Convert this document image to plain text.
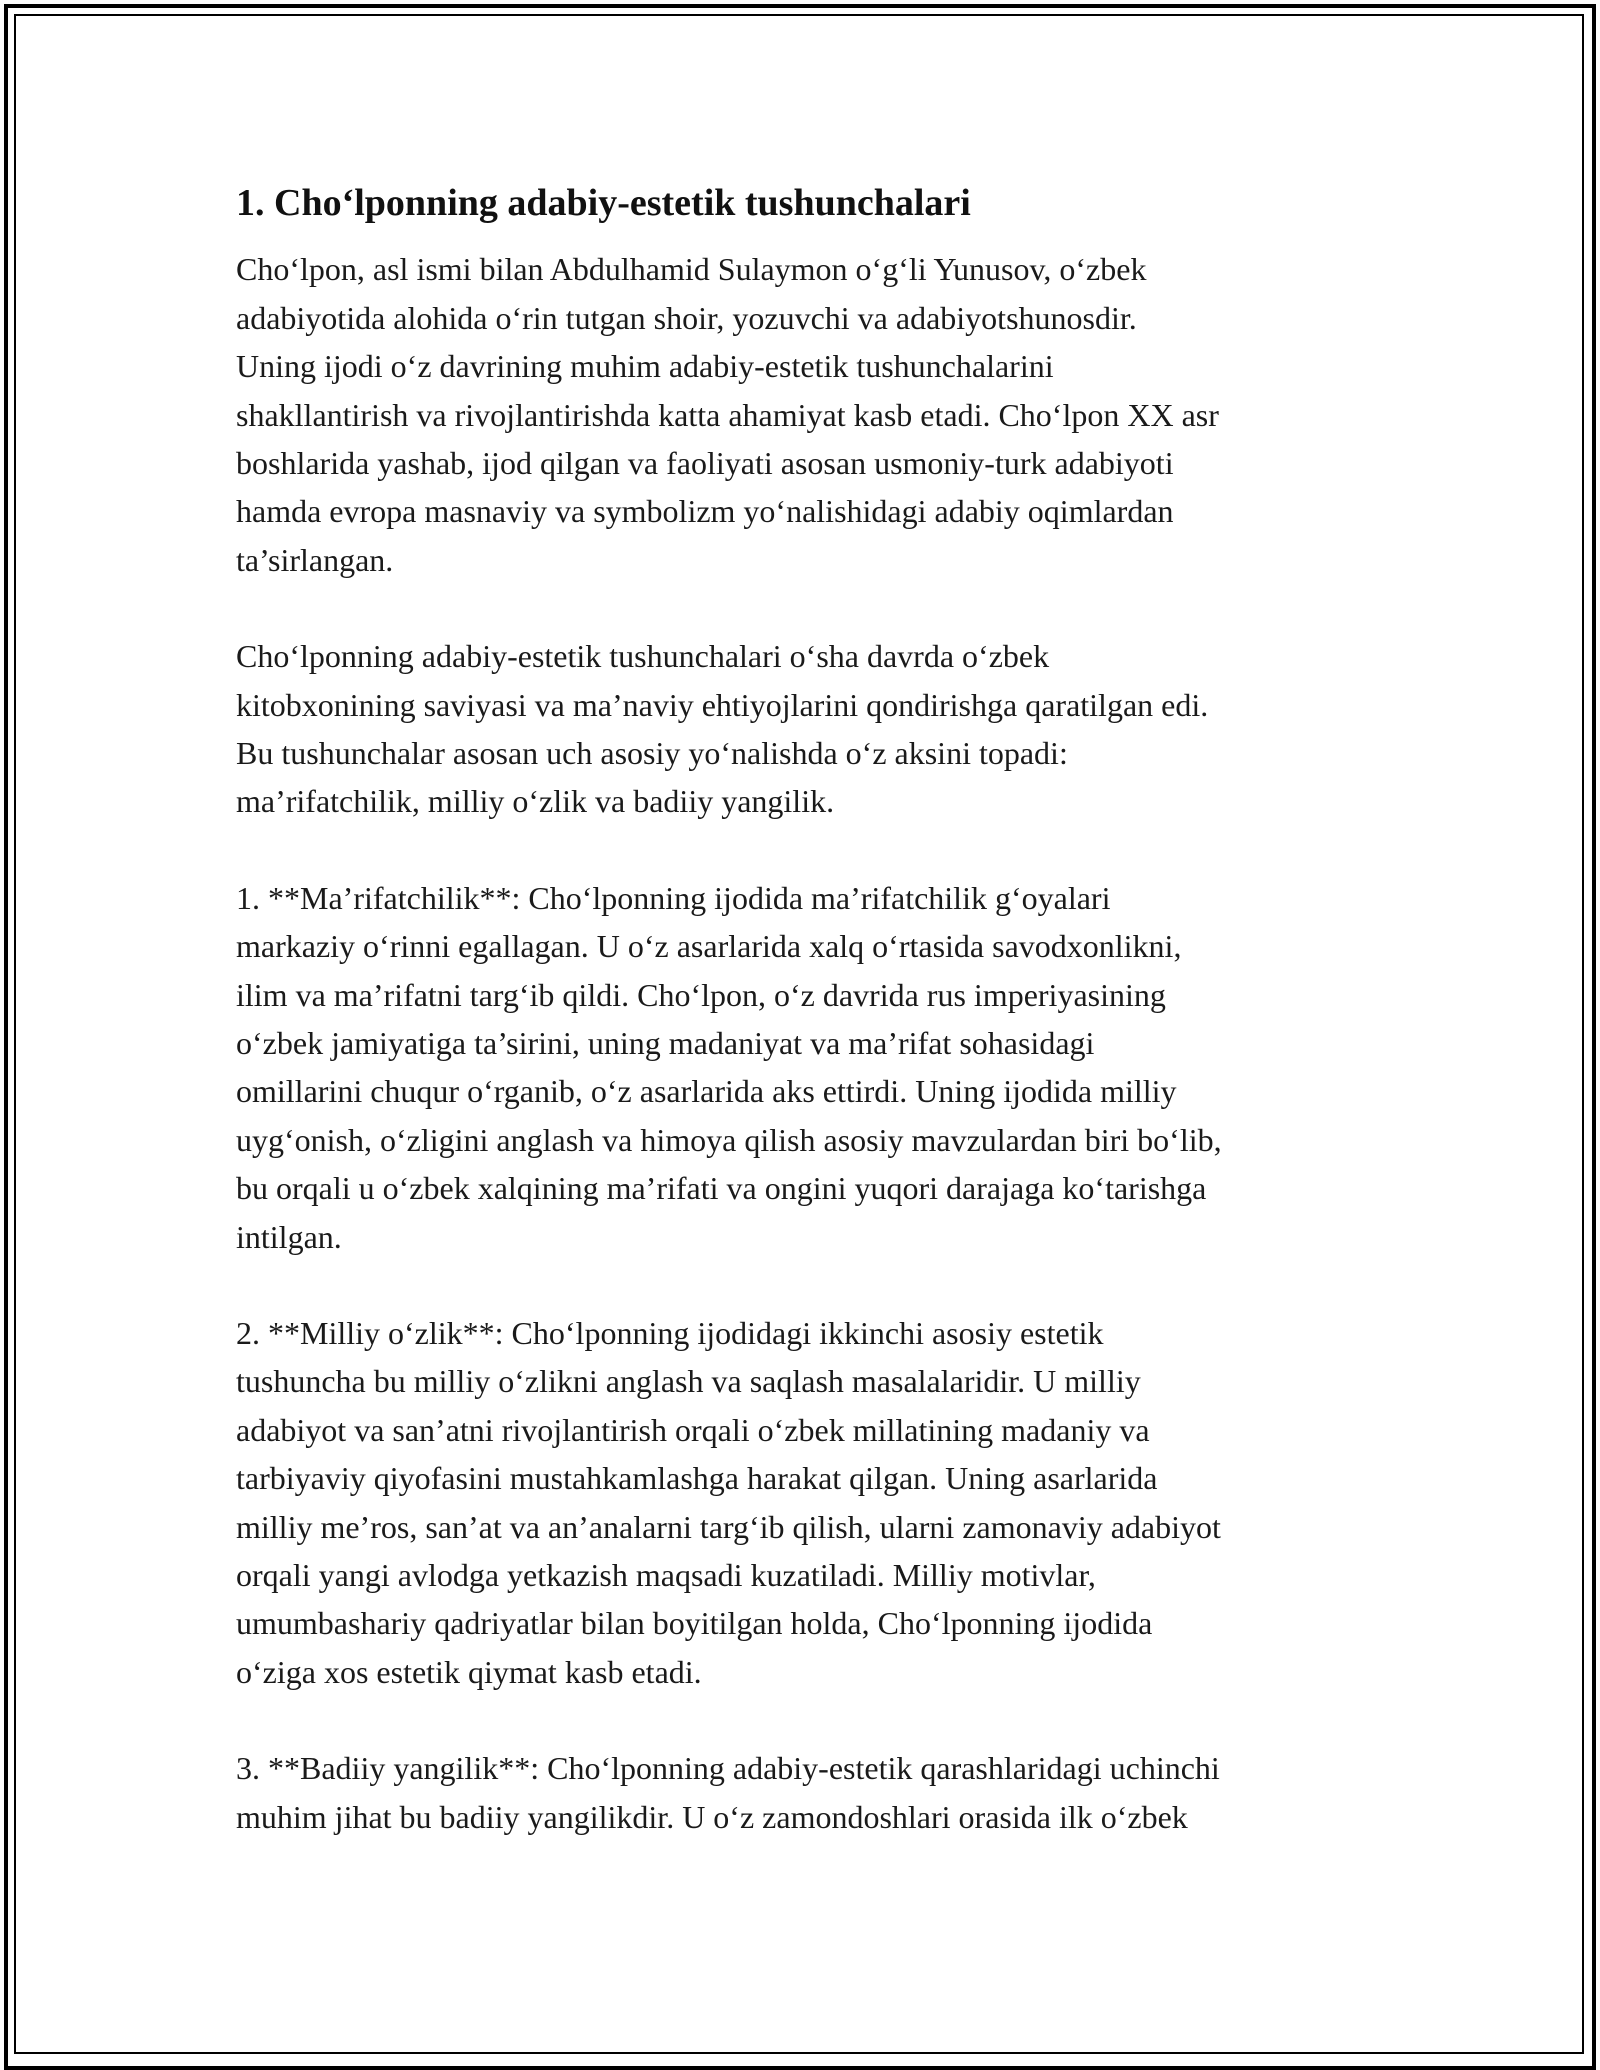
1. Cho‘lponning adabiy-estetik tushunchalari

Cho‘lpon, asl ismi bilan Abdulhamid Sulaymon o‘g‘li Yunusov, o‘zbek
adabiyotida alohida o‘rin tutgan shoir, yozuvchi va adabiyotshunosdir.
Uning ijodi o‘z davrining muhim adabiy-estetik tushunchalarini
shakllantirish va rivojlantirishda katta ahamiyat kasb etadi. Cho‘lpon XX asr
boshlarida yashab, ijod qilgan va faoliyati asosan usmoniy-turk adabiyoti
hamda evropa masnaviy va symbolizm yo‘nalishidagi adabiy oqimlardan
ta’sirlangan.

Cho‘lponning adabiy-estetik tushunchalari o‘sha davrda o‘zbek
kitobxonining saviyasi va ma’naviy ehtiyojlarini qondirishga qaratilgan edi.
Bu tushunchalar asosan uch asosiy yo‘nalishda o‘z aksini topadi:
ma’rifatchilik, milliy o‘zlik va badiiy yangilik.

1. **Ma’rifatchilik**: Cho‘lponning ijodida ma’rifatchilik g‘oyalari
markaziy o‘rinni egallagan. U o‘z asarlarida xalq o‘rtasida savodxonlikni,
ilim va ma’rifatni targ‘ib qildi. Cho‘lpon, o‘z davrida rus imperiyasining
o‘zbek jamiyatiga ta’sirini, uning madaniyat va ma’rifat sohasidagi
omillarini chuqur o‘rganib, o‘z asarlarida aks ettirdi. Uning ijodida milliy
uyg‘onish, o‘zligini anglash va himoya qilish asosiy mavzulardan biri bo‘lib,
bu orqali u o‘zbek xalqining ma’rifati va ongini yuqori darajaga ko‘tarishga
intilgan.

2. **Milliy o‘zlik**: Cho‘lponning ijodidagi ikkinchi asosiy estetik
tushuncha bu milliy o‘zlikni anglash va saqlash masalalaridir. U milliy
adabiyot va san’atni rivojlantirish orqali o‘zbek millatining madaniy va
tarbiyaviy qiyofasini mustahkamlashga harakat qilgan. Uning asarlarida
milliy me’ros, san’at va an’analarni targ‘ib qilish, ularni zamonaviy adabiyot
orqali yangi avlodga yetkazish maqsadi kuzatiladi. Milliy motivlar,
umumbashariy qadriyatlar bilan boyitilgan holda, Cho‘lponning ijodida
o‘ziga xos estetik qiymat kasb etadi.

3. **Badiiy yangilik**: Cho‘lponning adabiy-estetik qarashlaridagi uchinchi
muhim jihat bu badiiy yangilikdir. U o‘z zamondoshlari orasida ilk o‘zbek
